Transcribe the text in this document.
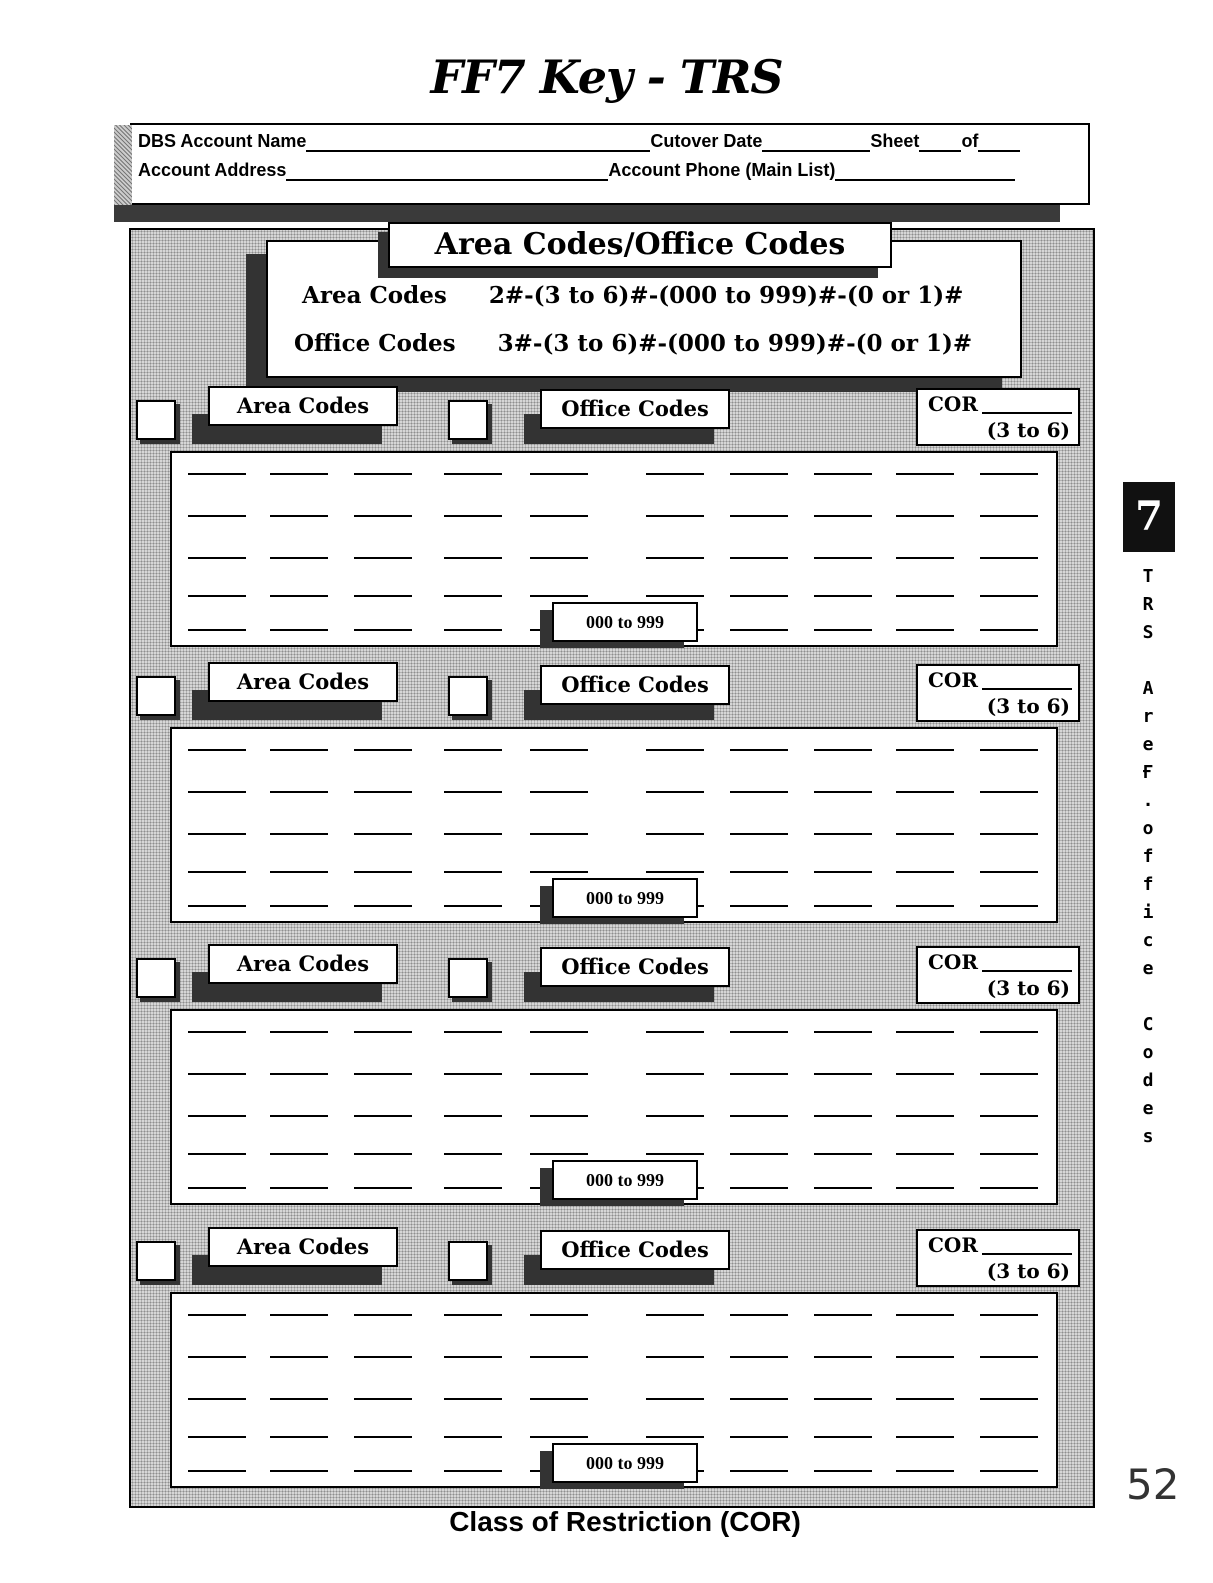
FF7 Key - TRS
DBS Account Name	Cutover Date	Sheet of
Account Address	Account Phone (Main List)
Area Codes 2#-(3 to 6)#-(000 to 999)#-(0 or 1)#
Office Codes 3#-(3 to 6)#-(000 to 999)#-(0 or 1)#
Area Codes/Office Codes
Area Codes	Office Codes	COR
(3 to 6)
000 to 999
Area Codes	Office Codes	COR
(3 to 6)
000 to 999
Area Codes	Office Codes	COR
(3 to 6)
000 to 999
Area Codes	Office Codes	COR
(3 to 6)
000 to 999
Class of Restriction (COR)
7
T
R
S
A
r
e
Ғ
.
o
f
f
i
c
e
C
o
d
e
s
52
